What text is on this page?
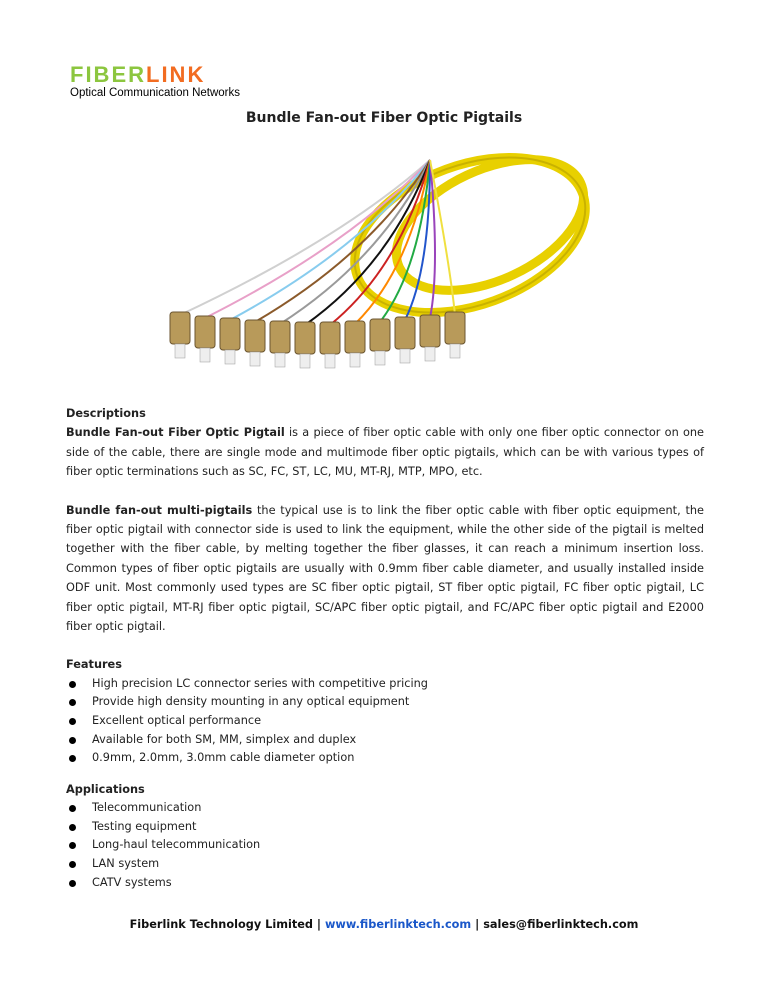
FIBERLINK
Optical Communication Networks
Bundle Fan-out Fiber Optic Pigtails
Descriptions

Bundle Fan-out Fiber Optic Pigtail is a piece of fiber optic cable with only one fiber optic connector on one side of the cable, there are single mode and multimode fiber optic pigtails, which can be with various types of fiber optic terminations such as SC, FC, ST, LC, MU, MT-RJ, MTP, MPO, etc.

Bundle fan-out multi-pigtails the typical use is to link the fiber optic cable with fiber optic equipment, the fiber optic pigtail with connector side is used to link the equipment, while the other side of the pigtail is melted together with the fiber cable, by melting together the fiber glasses, it can reach a minimum insertion loss. Common types of fiber optic pigtails are usually with 0.9mm fiber cable diameter, and usually installed inside ODF unit. Most commonly used types are SC fiber optic pigtail, ST fiber optic pigtail, FC fiber optic pigtail, LC fiber optic pigtail, MT-RJ fiber optic pigtail, SC/APC fiber optic pigtail, and FC/APC fiber optic pigtail and E2000 fiber optic pigtail.

Features
High precision LC connector series with competitive pricing
Provide high density mounting in any optical equipment
Excellent optical performance
Available for both SM, MM, simplex and duplex
0.9mm, 2.0mm, 3.0mm cable diameter option
Applications
Telecommunication
Testing equipment
Long-haul telecommunication
LAN system
CATV systems
Fiberlink Technology Limited | www.fiberlinktech.com | sales@fiberlinktech.com
